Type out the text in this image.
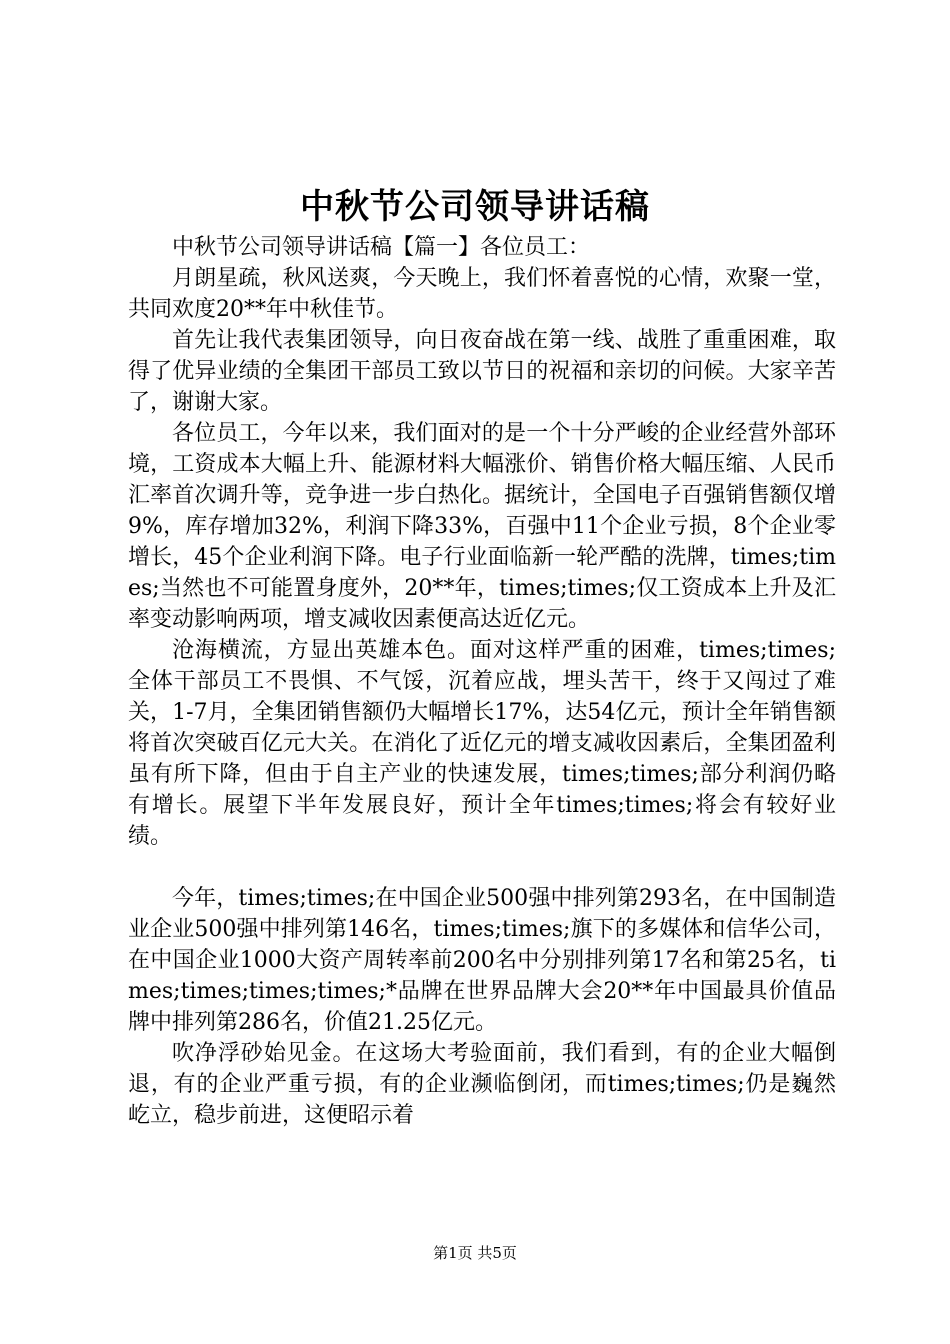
中秋节公司领导讲话稿

中秋节公司领导讲话稿【篇一】各位员工：

月朗星疏，秋风送爽，今天晚上，我们怀着喜悦的心情，欢聚一堂，共同欢度20**年中秋佳节。

首先让我代表集团领导，向日夜奋战在第一线、战胜了重重困难，取得了优异业绩的全集团干部员工致以节日的祝福和亲切的问候。大家辛苦了，谢谢大家。

各位员工，今年以来，我们面对的是一个十分严峻的企业经营外部环境，工资成本大幅上升、能源材料大幅涨价、销售价格大幅压缩、人民币汇率首次调升等，竞争进一步白热化。据统计，全国电子百强销售额仅增9%，库存增加32%，利润下降33%，百强中11个企业亏损，8个企业零增长，45个企业利润下降。电子行业面临新一轮严酷的洗牌，times;times;当然也不可能置身度外，20**年，times;times;仅工资成本上升及汇率变动影响两项，增支减收因素便高达近亿元。

沧海横流，方显出英雄本色。面对这样严重的困难，times;times;全体干部员工不畏惧、不气馁，沉着应战，埋头苦干，终于又闯过了难关，1-7月，全集团销售额仍大幅增长17%，达54亿元，预计全年销售额将首次突破百亿元大关。在消化了近亿元的增支减收因素后，全集团盈利虽有所下降，但由于自主产业的快速发展，times;times;部分利润仍略有增长。展望下半年发展良好，预计全年times;times;将会有较好业绩。

今年，times;times;在中国企业500强中排列第293名，在中国制造业企业500强中排列第146名，times;times;旗下的多媒体和信华公司，在中国企业1000大资产周转率前200名中分别排列第17名和第25名，times;times;times;times;*品牌在世界品牌大会20**年中国最具价值品牌中排列第286名，价值21.25亿元。

吹净浮砂始见金。在这场大考验面前，我们看到，有的企业大幅倒退，有的企业严重亏损，有的企业濒临倒闭，而times;times;仍是巍然屹立，稳步前进，这便昭示着

第1页 共5页
